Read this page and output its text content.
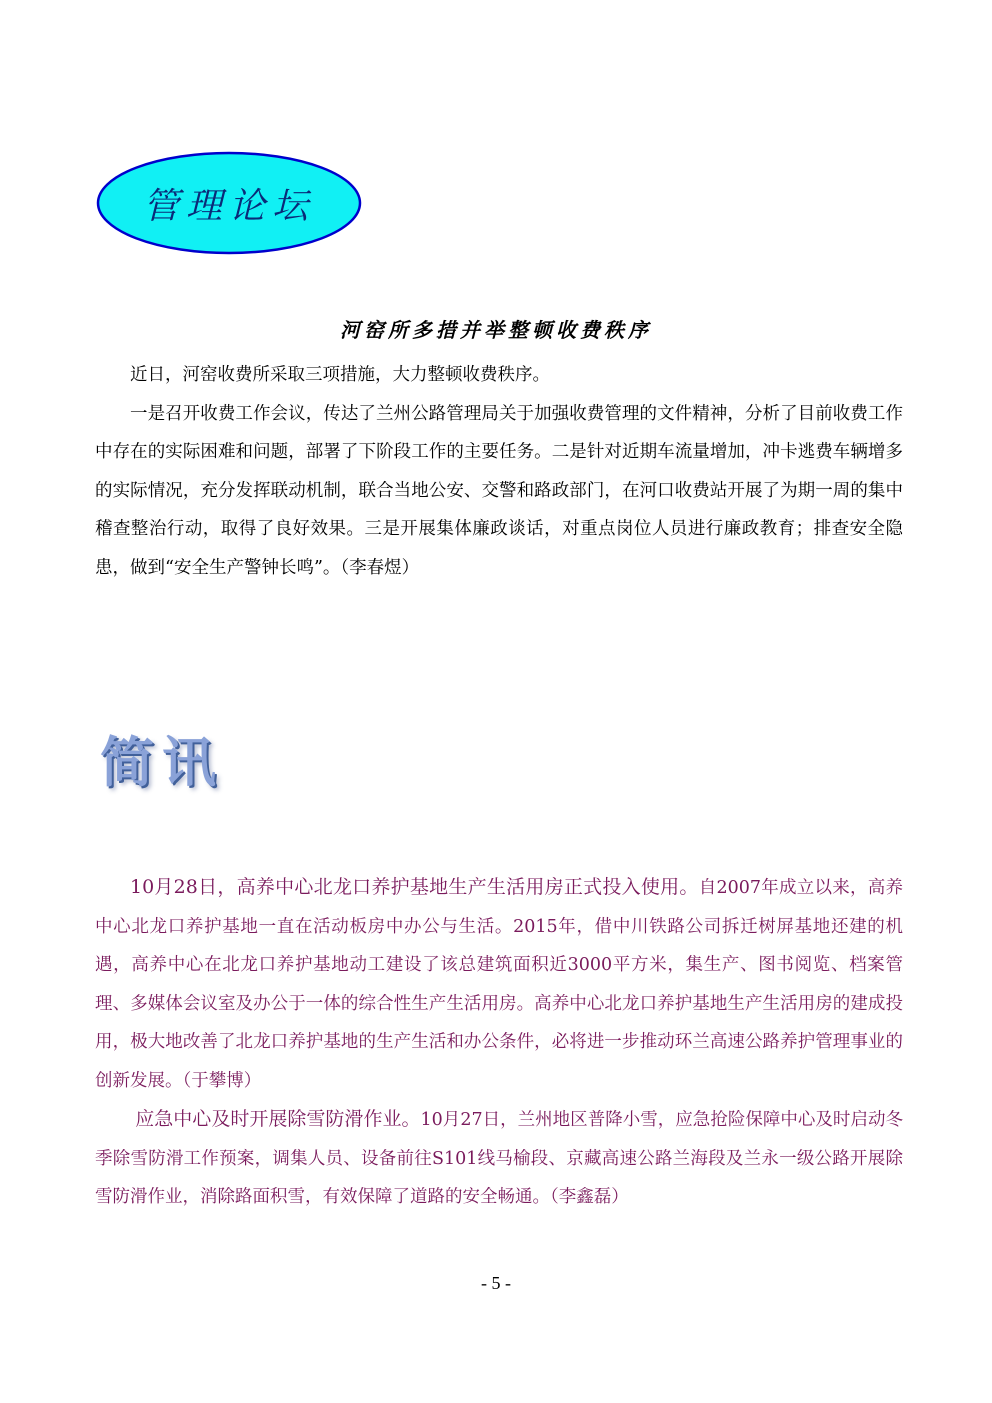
管理论坛
河窑所多措并举整顿收费秩序

近日，河窑收费所采取三项措施，大力整顿收费秩序。

一是召开收费工作会议，传达了兰州公路管理局关于加强收费管理的文件精神，分析了目前收费工作中存在的实际困难和问题，部署了下阶段工作的主要任务。二是针对近期车流量增加，冲卡逃费车辆增多的实际情况，充分发挥联动机制，联合当地公安、交警和路政部门，在河口收费站开展了为期一周的集中稽查整治行动，取得了良好效果。三是开展集体廉政谈话，对重点岗位人员进行廉政教育；排查安全隐患，做到“安全生产警钟长鸣”。（李春煜）

简讯

10月28日，高养中心北龙口养护基地生产生活用房正式投入使用。自2007年成立以来，高养中心北龙口养护基地一直在活动板房中办公与生活。2015年，借中川铁路公司拆迁树屏基地还建的机遇，高养中心在北龙口养护基地动工建设了该总建筑面积近3000平方米，集生产、图书阅览、档案管理、多媒体会议室及办公于一体的综合性生产生活用房。高养中心北龙口养护基地生产生活用房的建成投用，极大地改善了北龙口养护基地的生产生活和办公条件，必将进一步推动环兰高速公路养护管理事业的创新发展。（于攀博）

应急中心及时开展除雪防滑作业。10月27日，兰州地区普降小雪，应急抢险保障中心及时启动冬季除雪防滑工作预案，调集人员、设备前往S101线马榆段、京藏高速公路兰海段及兰永一级公路开展除雪防滑作业，消除路面积雪，有效保障了道路的安全畅通。（李鑫磊）

- 5 -
